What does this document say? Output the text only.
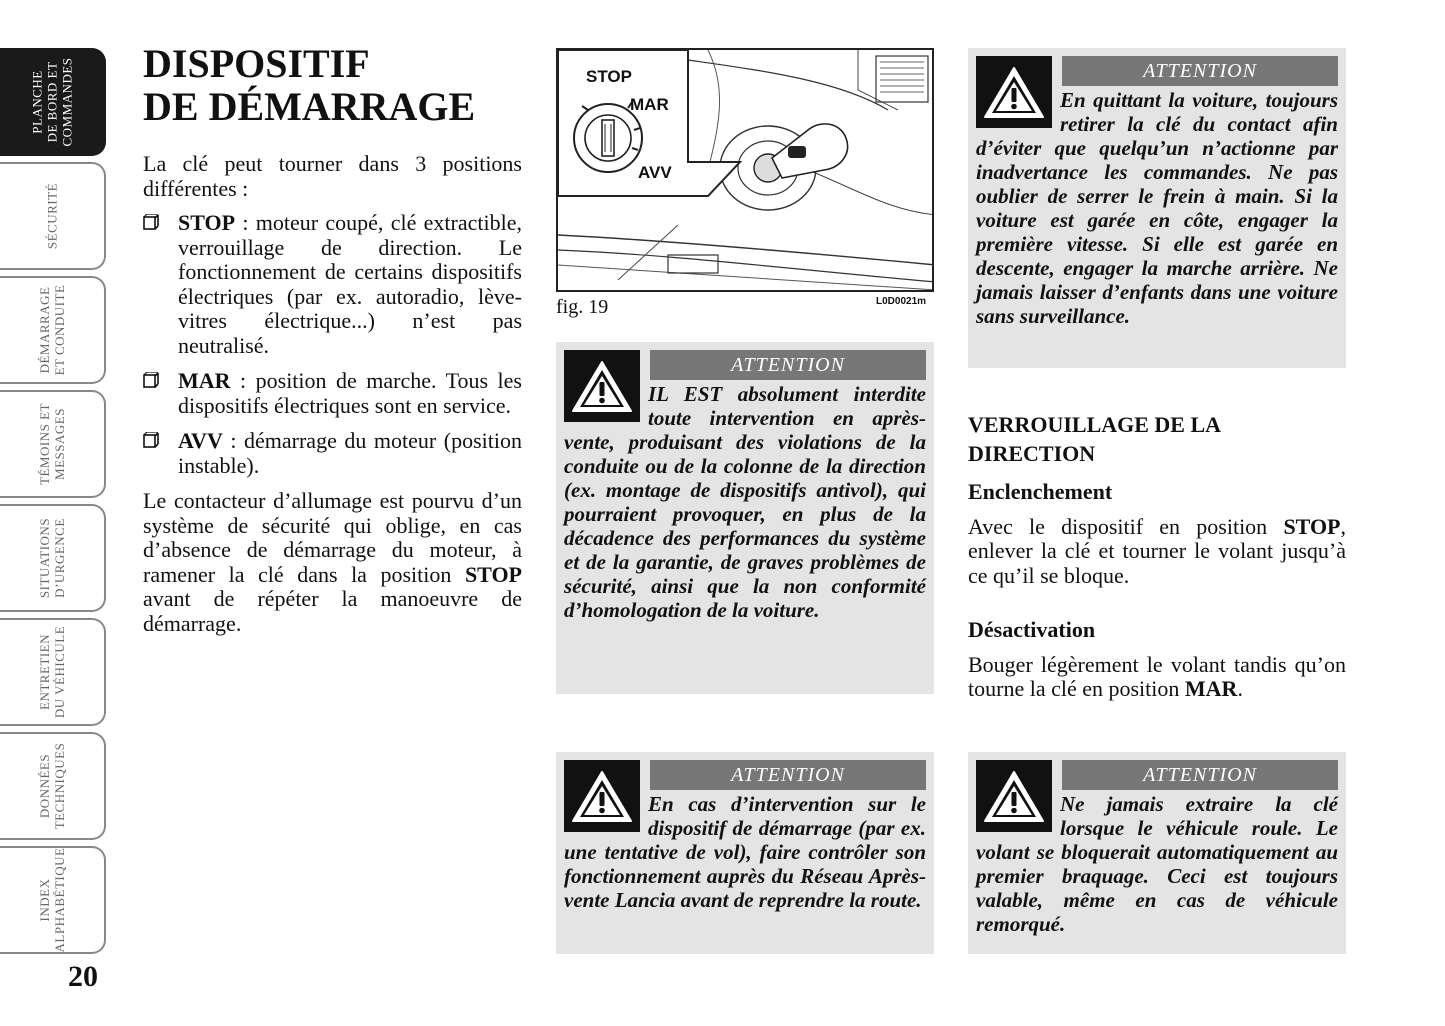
PLANCHE
DE BORD ET
COMMANDES
SÉCURITÉ
DÉMARRAGE
ET CONDUITE
TÉMOINS ET
MESSAGES
SITUATIONS
D’URGENCE
ENTRETIEN
DU VÉHICULE
DONNÉES
TECHNIQUES
INDEX
ALPHABÉTIQUE
20
DISPOSITIF
DE DÉMARRAGE

La clé peut tourner dans 3 positions différentes :

STOP : moteur coupé, clé extractible, verrouillage de direction. Le fonctionnement de certains dispositifs électriques (par ex. autoradio, lève-vitres électrique...) n’est pas neutralisé.
MAR : position de marche. Tous les dispositifs électriques sont en service.
AVV : démarrage du moteur (position instable).

Le contacteur d’allumage est pourvu d’un système de sécurité qui oblige, en cas d’absence de démarrage du moteur, à ramener la clé dans la position STOP avant de répéter la manoeuvre de démarrage.

STOP
MAR
AVV
fig. 19	L0D0021m
ATTENTION
IL EST absolument interdite toute intervention en après-vente, produisant des violations de la conduite ou de la colonne de la direction (ex. montage de dispositifs antivol), qui pourraient provoquer, en plus de la décadence des performances du système et de la garantie, de graves problèmes de sécurité, ainsi que la non conformité d’homologation de la voiture.
ATTENTION
En cas d’intervention sur le dispositif de démarrage (par ex. une tentative de vol), faire contrôler son fonctionnement auprès du Réseau Après-vente Lancia avant de reprendre la route.
ATTENTION
En quittant la voiture, toujours retirer la clé du contact afin d’éviter que quelqu’un n’actionne par inadvertance les commandes. Ne pas oublier de serrer le frein à main. Si la voiture est garée en côte, engager la première vitesse. Si elle est garée en descente, engager la marche arrière. Ne jamais laisser d’enfants dans une voiture sans surveillance.
VERROUILLAGE DE LA
DIRECTION
Enclenchement

Avec le dispositif en position STOP, enlever la clé et tourner le volant jusqu’à ce qu’il se bloque.

Désactivation

Bouger légèrement le volant tandis qu’on tourne la clé en position MAR.

ATTENTION
Ne jamais extraire la clé lorsque le véhicule roule. Le volant se bloquerait automatiquement au premier braquage. Ceci est toujours valable, même en cas de véhicule remorqué.
